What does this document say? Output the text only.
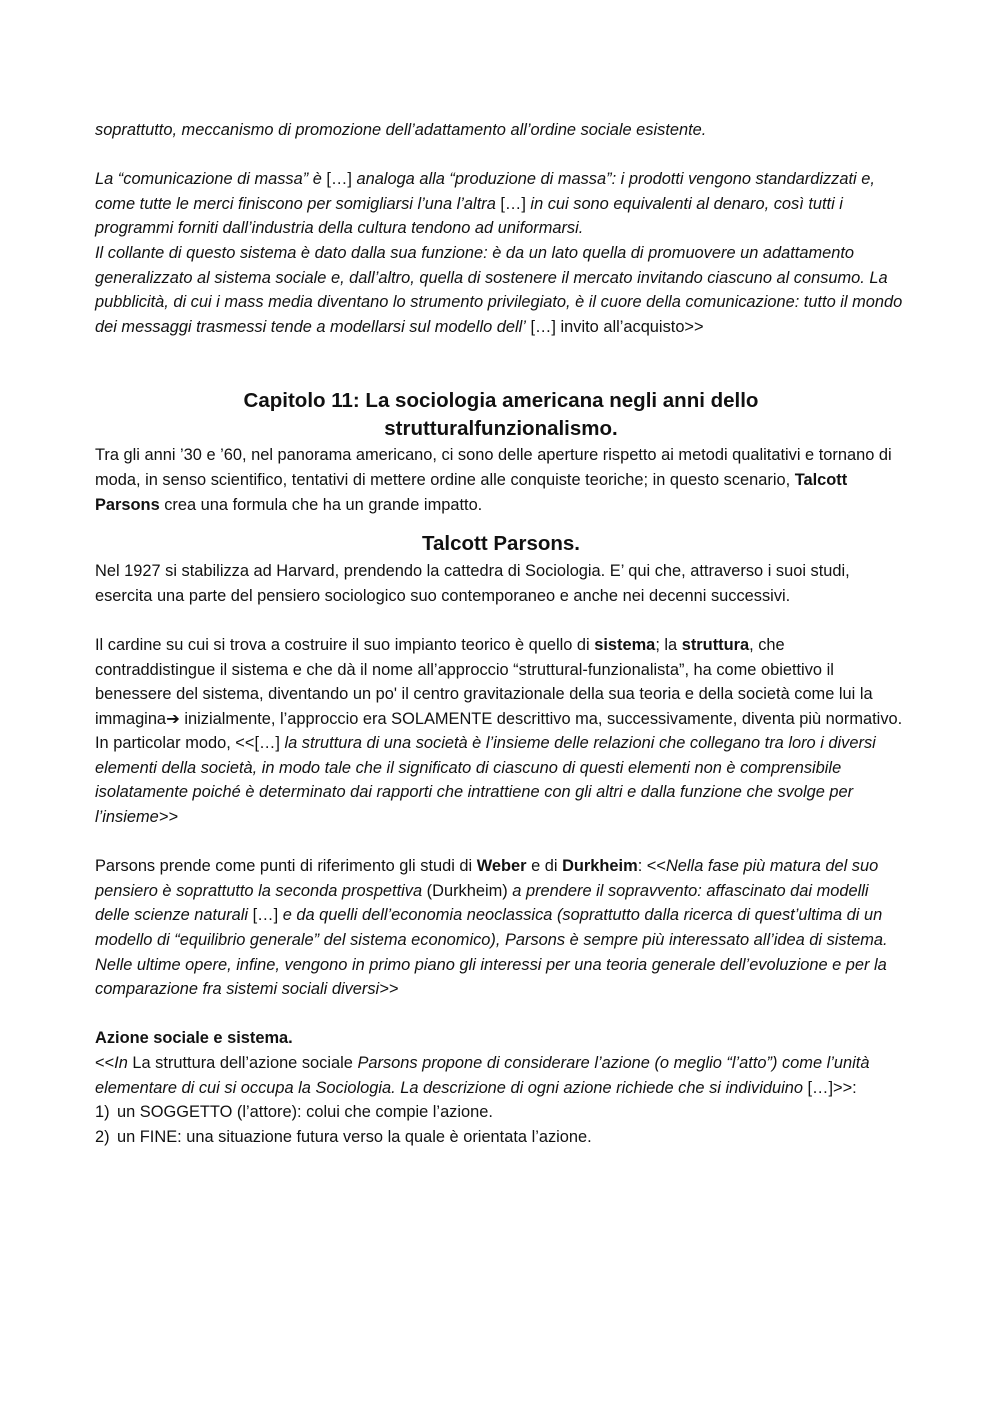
soprattutto, meccanismo di promozione dell’adattamento all’ordine sociale esistente.

La “comunicazione di massa” è […] analoga alla “produzione di massa”: i prodotti vengono standardizzati e, come tutte le merci finiscono per somigliarsi l’una l’altra […] in cui sono equivalenti al denaro, così tutti i programmi forniti dall’industria della cultura tendono ad uniformarsi.

Il collante di questo sistema è dato dalla sua funzione: è da un lato quella di promuovere un adattamento generalizzato al sistema sociale e, dall’altro, quella di sostenere il mercato invitando ciascuno al consumo. La pubblicità, di cui i mass media diventano lo strumento privilegiato, è il cuore della comunicazione: tutto il mondo dei messaggi trasmessi tende a modellarsi sul modello dell’ […] invito all’acquisto>>

Capitolo 11: La sociologia americana negli anni dello strutturalfunzionalismo.

Tra gli anni ’30 e ’60, nel panorama americano, ci sono delle aperture rispetto ai metodi qualitativi e tornano di moda, in senso scientifico, tentativi di mettere ordine alle conquiste teoriche; in questo scenario, Talcott Parsons crea una formula che ha un grande impatto.

Talcott Parsons.

Nel 1927 si stabilizza ad Harvard, prendendo la cattedra di Sociologia. E’ qui che, attraverso i suoi studi, esercita una parte del pensiero sociologico suo contemporaneo e anche nei decenni successivi.

Il cardine su cui si trova a costruire il suo impianto teorico è quello di sistema; la struttura, che contraddistingue il sistema e che dà il nome all’approccio “struttural-funzionalista”, ha come obiettivo il benessere del sistema, diventando un po' il centro gravitazionale della sua teoria e della società come lui la immagina➔ inizialmente, l’approccio era SOLAMENTE descrittivo ma, successivamente, diventa più normativo. In particolar modo, <<[…] la struttura di una società è l’insieme delle relazioni che collegano tra loro i diversi elementi della società, in modo tale che il significato di ciascuno di questi elementi non è comprensibile isolatamente poiché è determinato dai rapporti che intrattiene con gli altri e dalla funzione che svolge per l’insieme>>

Parsons prende come punti di riferimento gli studi di Weber e di Durkheim: <<Nella fase più matura del suo pensiero è soprattutto la seconda prospettiva (Durkheim) a prendere il sopravvento: affascinato dai modelli delle scienze naturali […] e da quelli dell’economia neoclassica (soprattutto dalla ricerca di quest’ultima di un modello di “equilibrio generale” del sistema economico), Parsons è sempre più interessato all’idea di sistema. Nelle ultime opere, infine, vengono in primo piano gli interessi per una teoria generale dell’evoluzione e per la comparazione fra sistemi sociali diversi>>

Azione sociale e sistema.

<<In La struttura dell’azione sociale Parsons propone di considerare l’azione (o meglio “l’atto”) come l’unità elementare di cui si occupa la Sociologia. La descrizione di ogni azione richiede che si individuino […]>>:

1) un SOGGETTO (l’attore): colui che compie l’azione.
2) un FINE: una situazione futura verso la quale è orientata l’azione.
